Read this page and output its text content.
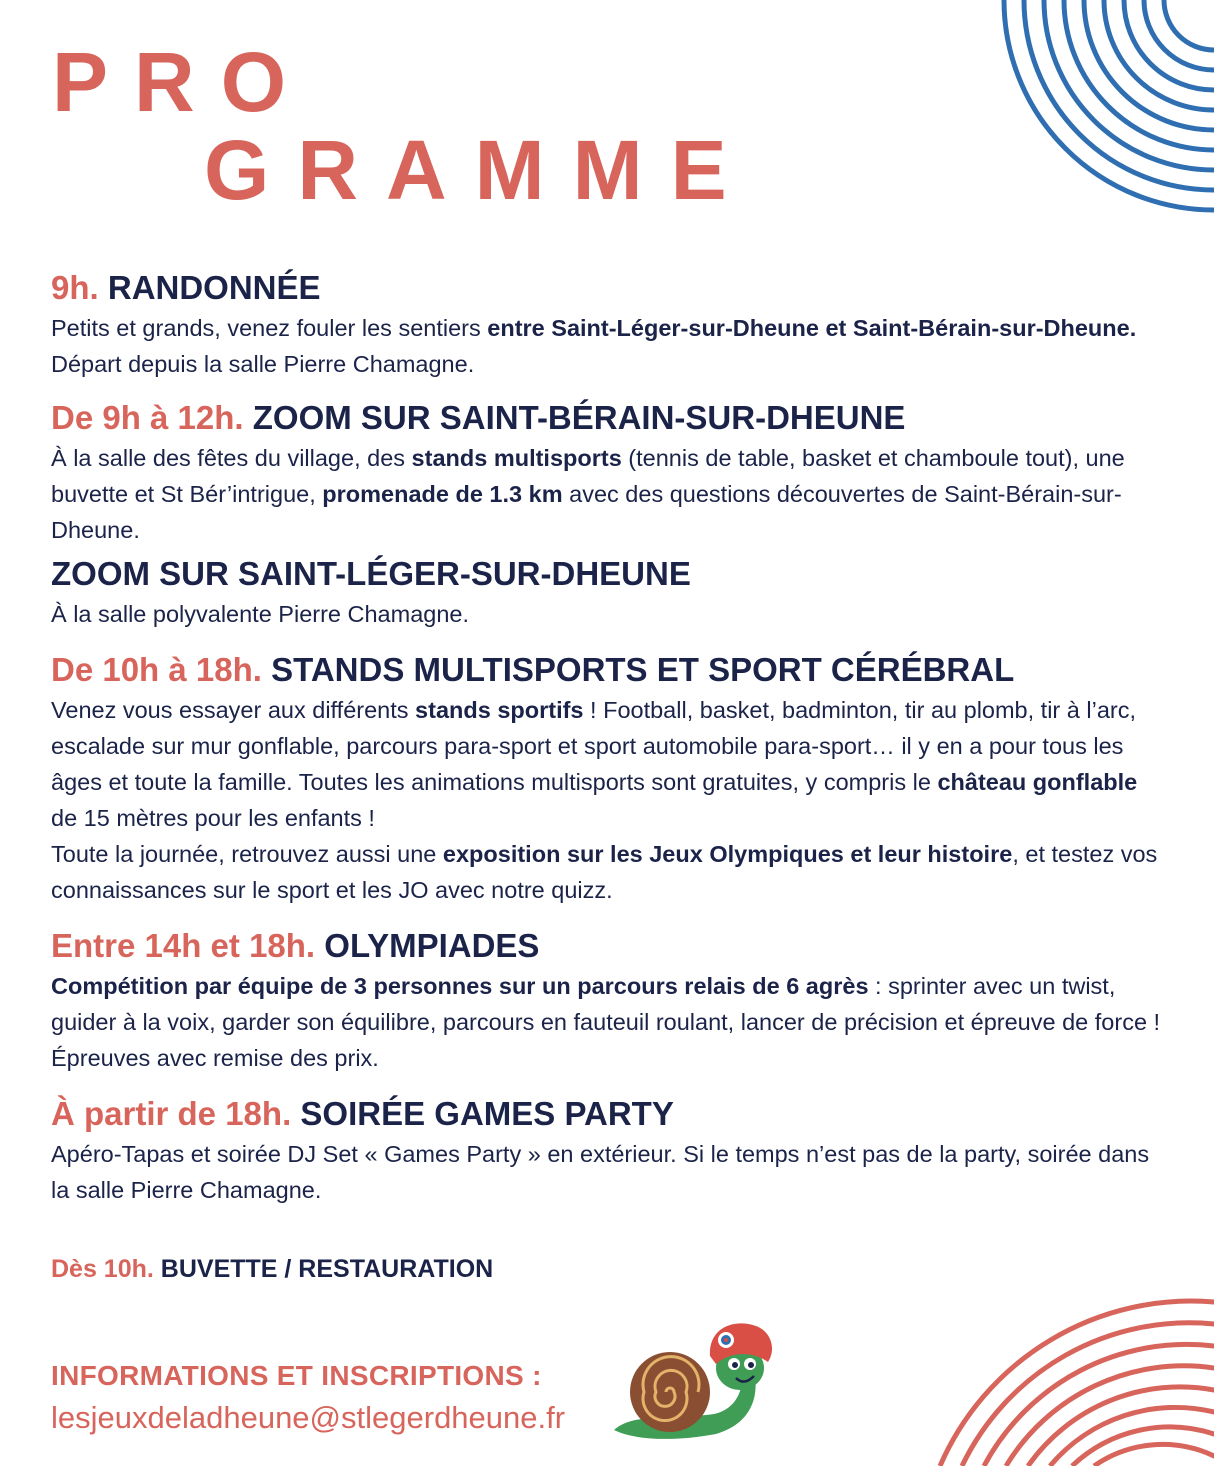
PRO
GRAMME
9h. RANDONNÉE

Petits et grands, venez fouler les sentiers entre Saint-Léger-sur-Dheune et Saint-Bérain-sur-Dheune. Départ depuis la salle Pierre Chamagne.

De 9h à 12h. ZOOM SUR SAINT-BÉRAIN-SUR-DHEUNE

À la salle des fêtes du village, des stands multisports (tennis de table, basket et chamboule tout), une buvette et St Bér’intrigue, promenade de 1.3 km avec des questions découvertes de Saint-Bérain-sur-Dheune.

ZOOM SUR SAINT-LÉGER-SUR-DHEUNE

À la salle polyvalente Pierre Chamagne.

De 10h à 18h. STANDS MULTISPORTS ET SPORT CÉRÉBRAL

Venez vous essayer aux différents stands sportifs ! Football, basket, badminton, tir au plomb, tir à l’arc, escalade sur mur gonflable, parcours para-sport et sport automobile para-sport… il y en a pour tous les âges et toute la famille. Toutes les animations multisports sont gratuites, y compris le château gonflable de 15 mètres pour les enfants !
Toute la journée, retrouvez aussi une exposition sur les Jeux Olympiques et leur histoire, et testez vos connaissances sur le sport et les JO avec notre quizz.

Entre 14h et 18h. OLYMPIADES

Compétition par équipe de 3 personnes sur un parcours relais de 6 agrès : sprinter avec un twist, guider à la voix, garder son équilibre, parcours en fauteuil roulant, lancer de précision et épreuve de force ! Épreuves avec remise des prix.

À partir de 18h. SOIRÉE GAMES PARTY

Apéro-Tapas et soirée DJ Set « Games Party » en extérieur. Si le temps n’est pas de la party, soirée dans la salle Pierre Chamagne.

Dès 10h. BUVETTE / RESTAURATION

INFORMATIONS ET INSCRIPTIONS :

lesjeuxdeladheune@stlegerdheune.fr
